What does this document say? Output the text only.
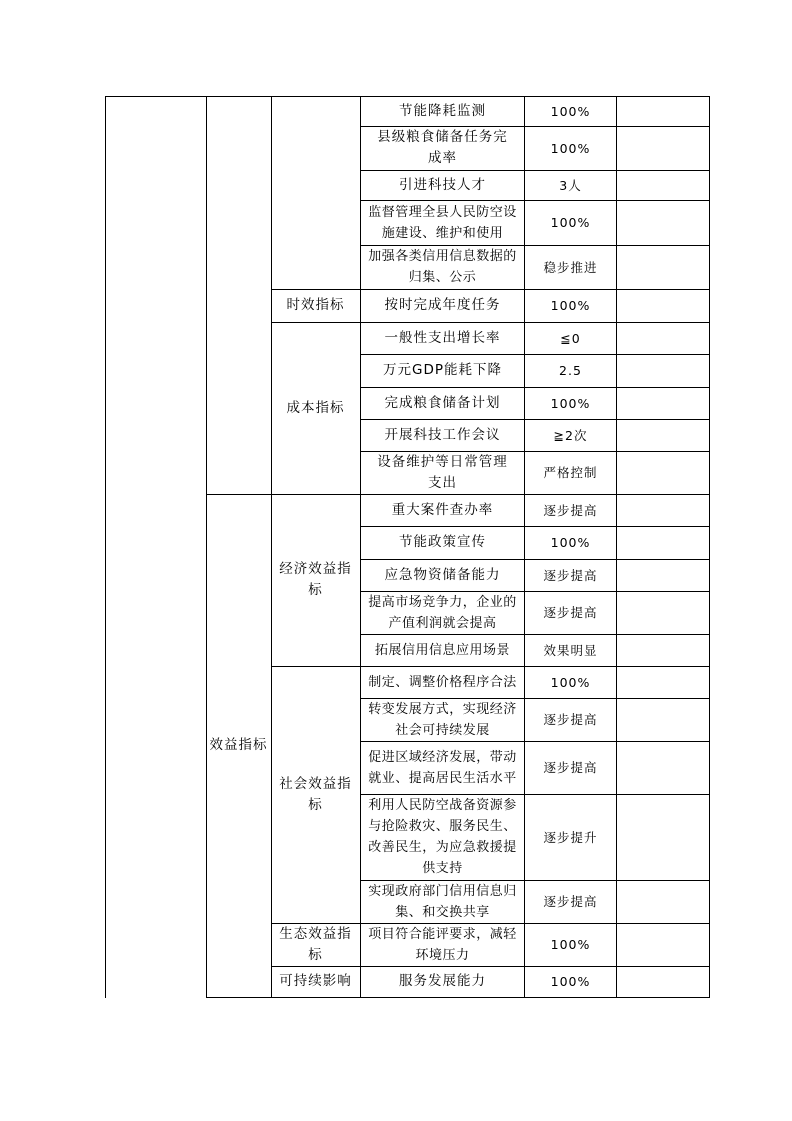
效益指标
时效指标
成本指标
经济效益指标
社会效益指标
生态效益指标
可持续影响
节能降耗监测
县级粮食储备任务完成率
引进科技人才
监督管理全县人民防空设施建设、维护和使用
加强各类信用信息数据的归集、公示
按时完成年度任务
一般性支出增长率
万元GDP能耗下降
完成粮食储备计划
开展科技工作会议
设备维护等日常管理支出
重大案件查办率
节能政策宣传
应急物资储备能力
提高市场竞争力，企业的产值利润就会提高
拓展信用信息应用场景
制定、调整价格程序合法
转变发展方式，实现经济社会可持续发展
促进区域经济发展，带动就业、提高居民生活水平
利用人民防空战备资源参与抢险救灾、服务民生、改善民生，为应急救援提供支持
实现政府部门信用信息归集、和交换共享
项目符合能评要求，减轻环境压力
服务发展能力
100%
100%
3人
100%
稳步推进
100%
≦0
2.5
100%
≧2次
严格控制
逐步提高
100%
逐步提高
逐步提高
效果明显
100%
逐步提高
逐步提高
逐步提升
逐步提高
100%
100%
